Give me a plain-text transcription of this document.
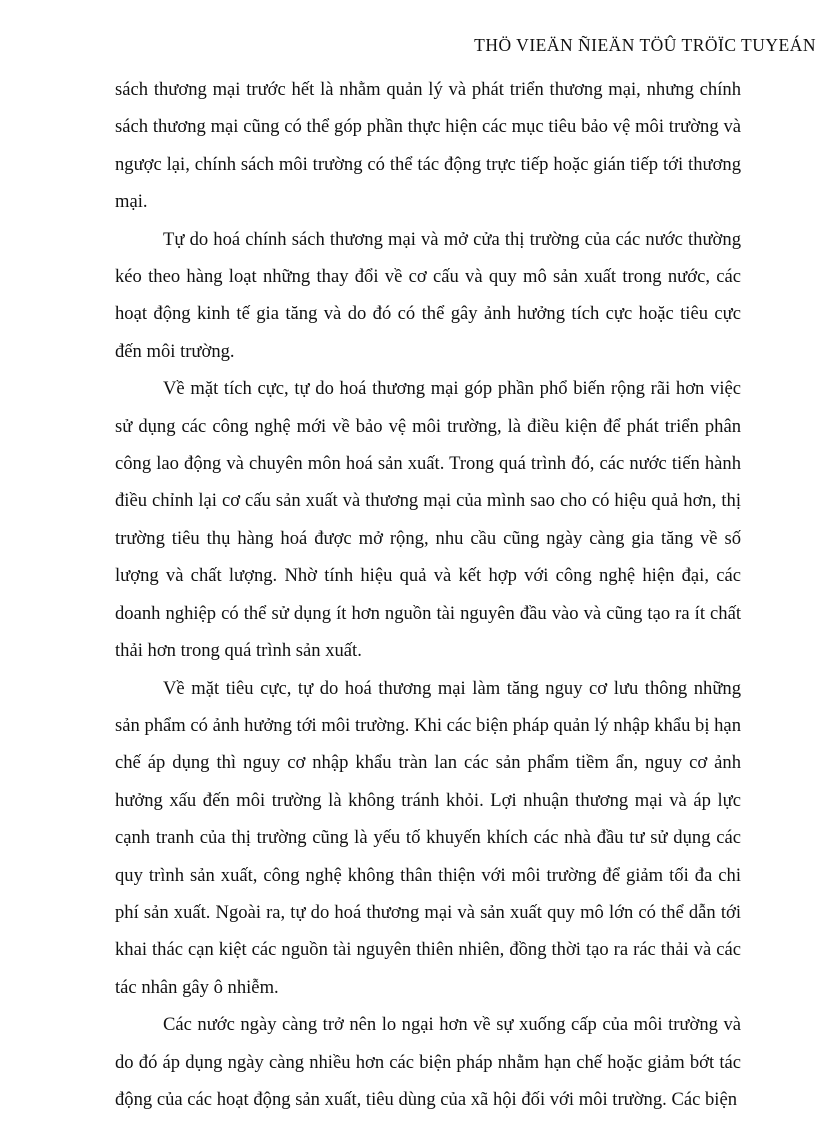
THÖ VIEÄN ÑIEÄN TÖÛ TRÖÏC TUYEÁN

sách thương mại trước hết là nhằm quản lý và phát triển thương mại, nhưng chính sách thương mại cũng có thể góp phần thực hiện các mục tiêu bảo vệ môi trường và ngược lại, chính sách môi trường có thể tác động trực tiếp hoặc gián tiếp tới thương mại.

Tự do hoá chính sách thương mại và mở cửa thị trường của các nước thường kéo theo hàng loạt những thay đổi về cơ cấu và quy mô sản xuất trong nước, các hoạt động kinh tế gia tăng và do đó có thể gây ảnh hưởng tích cực hoặc tiêu cực đến môi trường.

Về mặt tích cực, tự do hoá thương mại góp phần phổ biến rộng rãi hơn việc sử dụng các công nghệ mới về bảo vệ môi trường, là điều kiện để phát triển phân công lao động và chuyên môn hoá sản xuất. Trong quá trình đó, các nước tiến hành điều chỉnh lại cơ cấu sản xuất và thương mại của mình sao cho có hiệu quả hơn, thị trường tiêu thụ hàng hoá được mở rộng, nhu cầu cũng ngày càng gia tăng về số lượng và chất lượng. Nhờ tính hiệu quả và kết hợp với công nghệ hiện đại, các doanh nghiệp có thể sử dụng ít hơn nguồn tài nguyên đầu vào và cũng tạo ra ít chất thải hơn trong quá trình sản xuất.

Về mặt tiêu cực, tự do hoá thương mại làm tăng nguy cơ lưu thông những sản phẩm có ảnh hưởng tới môi trường. Khi các biện pháp quản lý nhập khẩu bị hạn chế áp dụng thì nguy cơ nhập khẩu tràn lan các sản phẩm tiềm ẩn, nguy cơ ảnh hưởng xấu đến môi trường là không tránh khỏi. Lợi nhuận thương mại và áp lực cạnh tranh của thị trường cũng là yếu tố khuyến khích các nhà đầu tư sử dụng các quy trình sản xuất, công nghệ không thân thiện với môi trường để giảm tối đa chi phí sản xuất. Ngoài ra, tự do hoá thương mại và sản xuất quy mô lớn có thể dẫn tới khai thác cạn kiệt các nguồn tài nguyên thiên nhiên, đồng thời tạo ra rác thải và các tác nhân gây ô nhiễm.

Các nước ngày càng trở nên lo ngại hơn về sự xuống cấp của môi trường và do đó áp dụng ngày càng nhiều hơn các biện pháp nhằm hạn chế hoặc giảm bớt tác động của các hoạt động sản xuất, tiêu dùng của xã hội đối với môi trường. Các biện
